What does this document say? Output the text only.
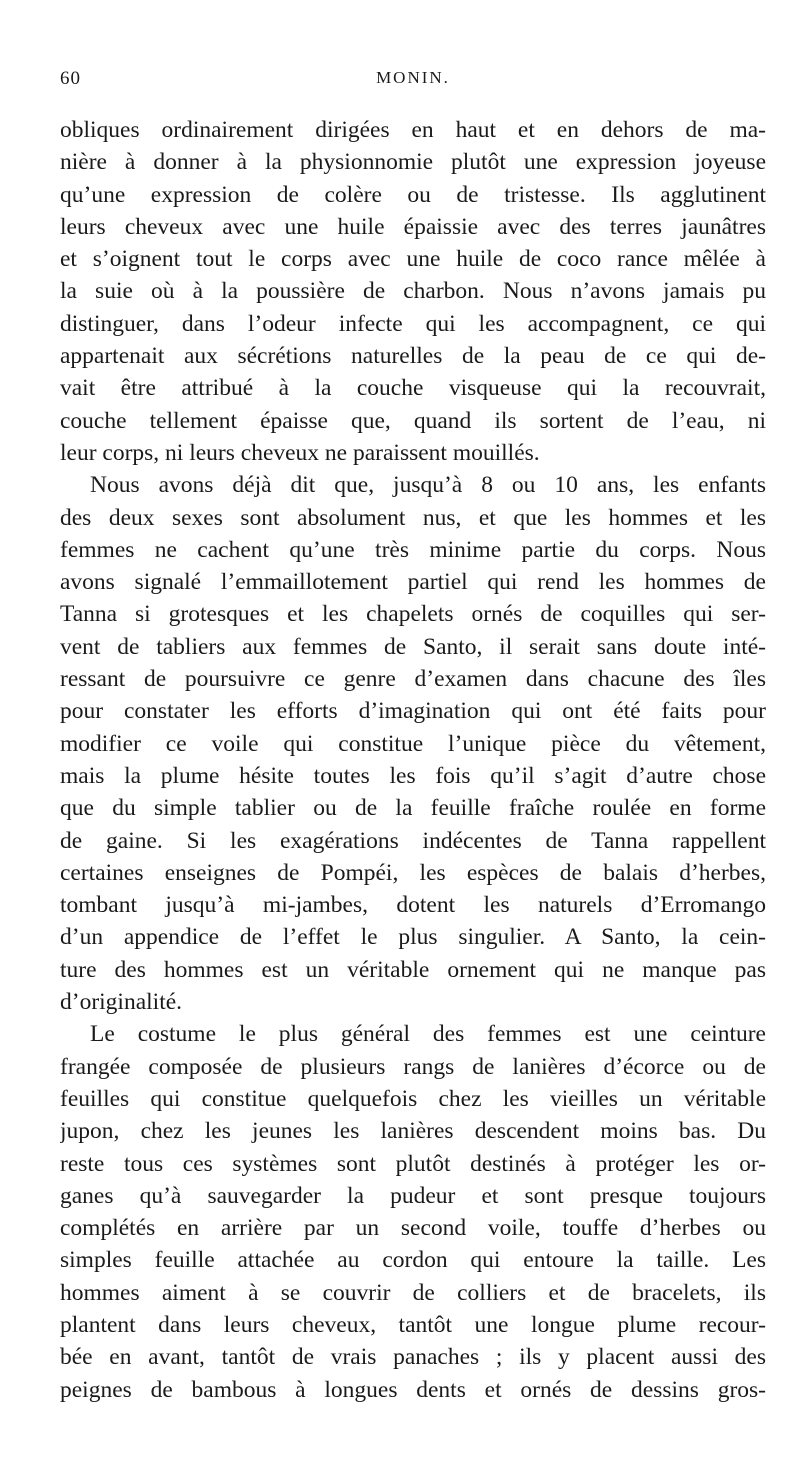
60	MONIN.
obliques ordinairement dirigées en haut et en dehors de ma-
nière à donner à la physionnomie plutôt une expression joyeuse
qu’une expression de colère ou de tristesse. Ils agglutinent
leurs cheveux avec une huile épaissie avec des terres jaunâtres
et s’oignent tout le corps avec une huile de coco rance mêlée à
la suie où à la poussière de charbon. Nous n’avons jamais pu
distinguer, dans l’odeur infecte qui les accompagnent, ce qui
appartenait aux sécrétions naturelles de la peau de ce qui de-
vait être attribué à la couche visqueuse qui la recouvrait,
couche tellement épaisse que, quand ils sortent de l’eau, ni
leur corps, ni leurs cheveux ne paraissent mouillés.
Nous avons déjà dit que, jusqu’à 8 ou 10 ans, les enfants
des deux sexes sont absolument nus, et que les hommes et les
femmes ne cachent qu’une très minime partie du corps. Nous
avons signalé l’emmaillotement partiel qui rend les hommes de
Tanna si grotesques et les chapelets ornés de coquilles qui ser-
vent de tabliers aux femmes de Santo, il serait sans doute inté-
ressant de poursuivre ce genre d’examen dans chacune des îles
pour constater les efforts d’imagination qui ont été faits pour
modifier ce voile qui constitue l’unique pièce du vêtement,
mais la plume hésite toutes les fois qu’il s’agit d’autre chose
que du simple tablier ou de la feuille fraîche roulée en forme
de gaine. Si les exagérations indécentes de Tanna rappellent
certaines enseignes de Pompéi, les espèces de balais d’herbes,
tombant jusqu’à mi-jambes, dotent les naturels d’Erromango
d’un appendice de l’effet le plus singulier. A Santo, la cein-
ture des hommes est un véritable ornement qui ne manque pas
d’originalité.
Le costume le plus général des femmes est une ceinture
frangée composée de plusieurs rangs de lanières d’écorce ou de
feuilles qui constitue quelquefois chez les vieilles un véritable
jupon, chez les jeunes les lanières descendent moins bas. Du
reste tous ces systèmes sont plutôt destinés à protéger les or-
ganes qu’à sauvegarder la pudeur et sont presque toujours
complétés en arrière par un second voile, touffe d’herbes ou
simples feuille attachée au cordon qui entoure la taille. Les
hommes aiment à se couvrir de colliers et de bracelets, ils
plantent dans leurs cheveux, tantôt une longue plume recour-
bée en avant, tantôt de vrais panaches ; ils y placent aussi des
peignes de bambous à longues dents et ornés de dessins gros-
